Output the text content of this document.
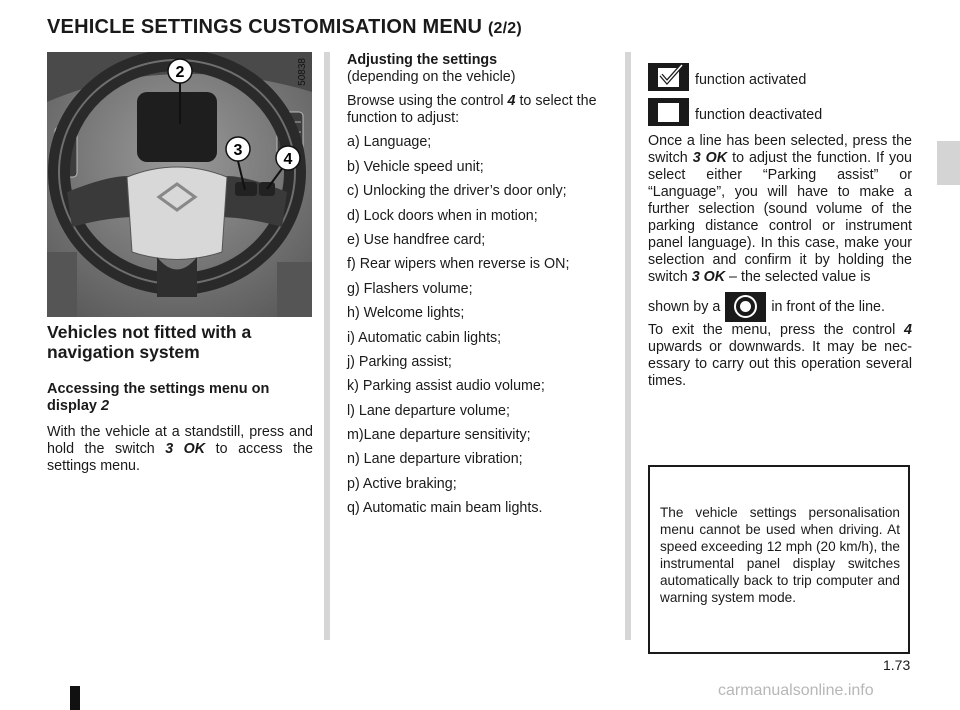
VEHICLE SETTINGS CUSTOMISATION MENU (2/2)
2
3
4
50838

Vehicles not fitted with a navigation system

Accessing the settings menu on display 2

With the vehicle at a standstill, press and hold the switch 3 OK to access the settings menu.

Adjusting the settings
(depending on the vehicle)

Browse using the control 4 to select the function to adjust:

a) Language;
b) Vehicle speed unit;
c) Unlocking the driver’s door only;
d) Lock doors when in motion;
e) Use handfree card;
f) Rear wipers when reverse is ON;
g) Flashers volume;
h) Welcome lights;
i) Automatic cabin lights;
j) Parking assist;
k) Parking assist audio volume;
l) Lane departure volume;
m)Lane departure sensitivity;
n) Lane departure vibration;
p) Active braking;
q) Automatic main beam lights.
function activated
function deactivated

Once a line has been selected, press the switch 3 OK to adjust the function. If you select either “Parking assist” or “Language”, you will have to make a further selection (sound volume of the parking distance control or instrument panel language). In this case, make your selection and confirm it by holding the switch 3 OK – the selected value is

shown by a	in front of the line.

To exit the menu, press the control 4 upwards or downwards. It may be necessary to carry out this operation several times.

The vehicle settings personalisation menu cannot be used when driving. At speed exceeding 12 mph (20 km/h), the instrumental panel display switches automatically back to trip computer and warning system mode.

1.73
carmanualsonline.info
